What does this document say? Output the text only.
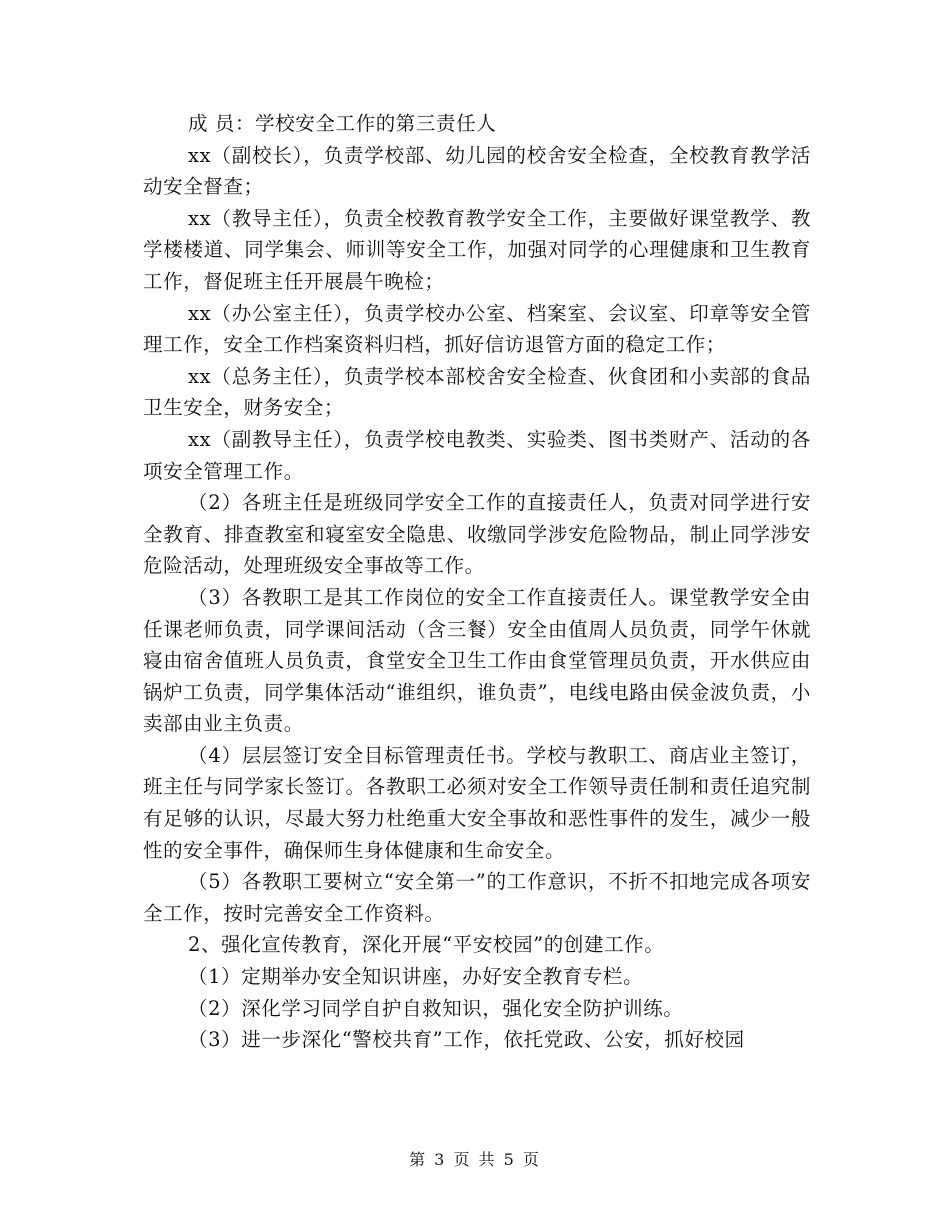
成 员：学校安全工作的第三责任人

xx（副校长），负责学校部、幼儿园的校舍安全检查，全校教育教学活动安全督查；

xx（教导主任），负责全校教育教学安全工作，主要做好课堂教学、教学楼楼道、同学集会、师训等安全工作，加强对同学的心理健康和卫生教育工作，督促班主任开展晨午晚检；

xx（办公室主任），负责学校办公室、档案室、会议室、印章等安全管理工作，安全工作档案资料归档，抓好信访退管方面的稳定工作；

xx（总务主任），负责学校本部校舍安全检查、伙食团和小卖部的食品卫生安全，财务安全；

xx（副教导主任），负责学校电教类、实验类、图书类财产、活动的各项安全管理工作。

（2）各班主任是班级同学安全工作的直接责任人，负责对同学进行安全教育、排查教室和寝室安全隐患、收缴同学涉安危险物品，制止同学涉安危险活动，处理班级安全事故等工作。

（3）各教职工是其工作岗位的安全工作直接责任人。课堂教学安全由任课老师负责，同学课间活动（含三餐）安全由值周人员负责，同学午休就寝由宿舍值班人员负责，食堂安全卫生工作由食堂管理员负责，开水供应由锅炉工负责，同学集体活动“谁组织，谁负责”，电线电路由侯金波负责，小卖部由业主负责。

（4）层层签订安全目标管理责任书。学校与教职工、商店业主签订，班主任与同学家长签订。各教职工必须对安全工作领导责任制和责任追究制有足够的认识，尽最大努力杜绝重大安全事故和恶性事件的发生，减少一般性的安全事件，确保师生身体健康和生命安全。

（5）各教职工要树立“安全第一”的工作意识，不折不扣地完成各项安全工作，按时完善安全工作资料。

2、强化宣传教育，深化开展“平安校园”的创建工作。

（1）定期举办安全知识讲座，办好安全教育专栏。

（2）深化学习同学自护自救知识，强化安全防护训练。

（3）进一步深化“警校共育”工作，依托党政、公安，抓好校园

第 3 页 共 5 页
